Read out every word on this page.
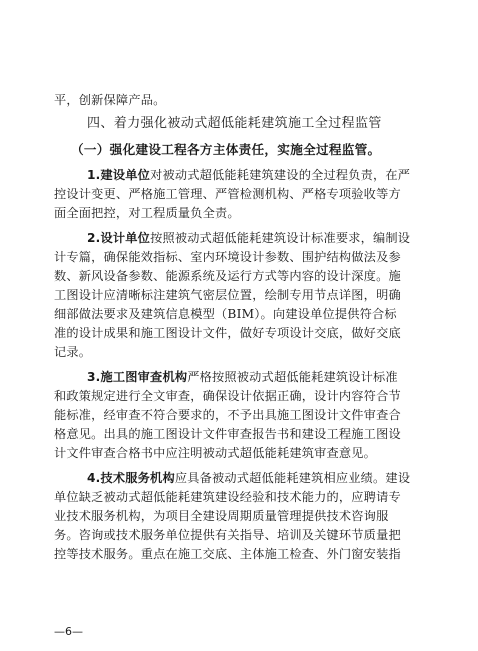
平，创新保障产品。
四、着力强化被动式超低能耗建筑施工全过程监管
（一）强化建设工程各方主体责任，实施全过程监管。
1.建设单位对被动式超低能耗建筑建设的全过程负责，在严
控设计变更、严格施工管理、严管检测机构、严格专项验收等方
面全面把控，对工程质量负全责。
2.设计单位按照被动式超低能耗建筑设计标准要求，编制设
计专篇，确保能效指标、室内环境设计参数、围护结构做法及参
数、新风设备参数、能源系统及运行方式等内容的设计深度。施
工图设计应清晰标注建筑气密层位置，绘制专用节点详图，明确
细部做法要求及建筑信息模型（BIM）。向建设单位提供符合标
准的设计成果和施工图设计文件，做好专项设计交底，做好交底
记录。
3.施工图审查机构严格按照被动式超低能耗建筑设计标准
和政策规定进行全文审查，确保设计依据正确，设计内容符合节
能标准，经审查不符合要求的，不予出具施工图设计文件审查合
格意见。出具的施工图设计文件审查报告书和建设工程施工图设
计文件审查合格书中应注明被动式超低能耗建筑审查意见。
4.技术服务机构应具备被动式超低能耗建筑相应业绩。建设
单位缺乏被动式超低能耗建筑建设经验和技术能力的，应聘请专
业技术服务机构，为项目全建设周期质量管理提供技术咨询服
务。咨询或技术服务单位提供有关指导、培训及关键环节质量把
控等技术服务。重点在施工交底、主体施工检查、外门窗安装指
—6—
